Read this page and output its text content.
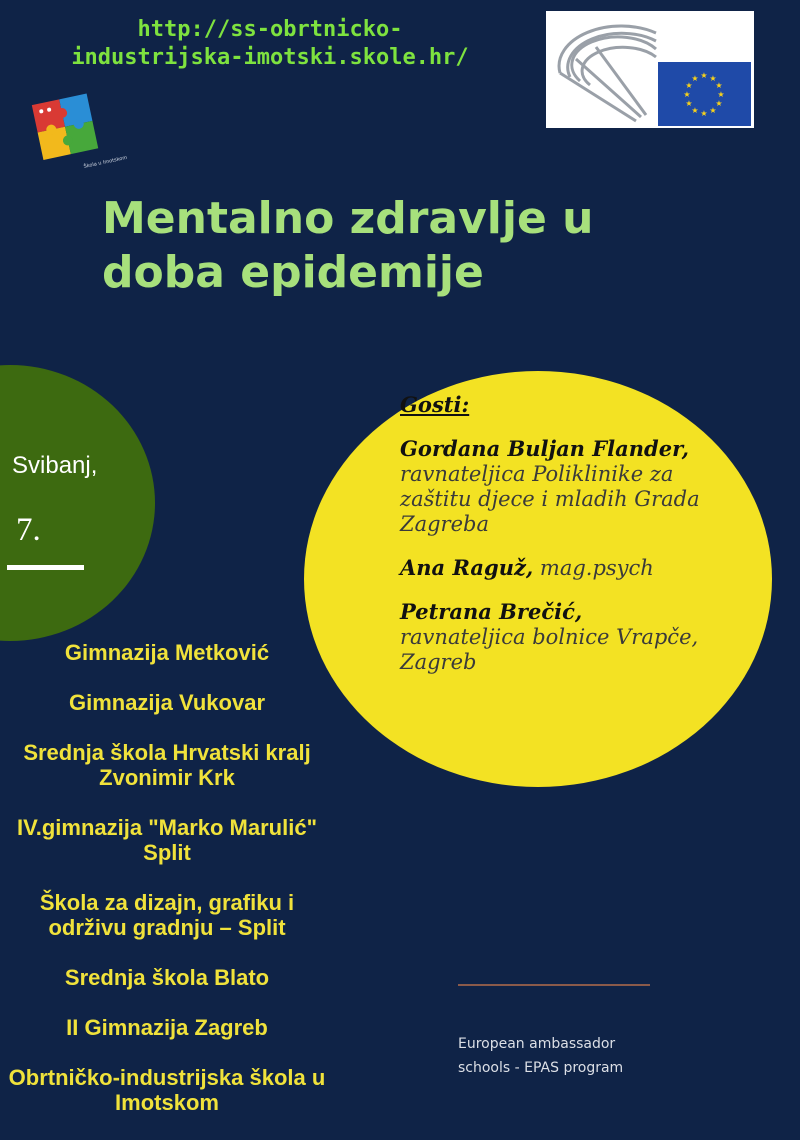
http://ss-obrtnicko-industrijska-imotski.skole.hr/
Škola u Imotskom
★ ★
★
★
★
★
★
★
★
★
★
★
Mentalno zdravlje u
doba epidemije
Svibanj,
7.

Gosti:

Gordana Buljan Flander, ravnateljica Poliklinike za zaštitu djece i mladih Grada Zagreba

Ana Raguž, mag.psych

Petrana Brečić, ravnateljica bolnice Vrapče, Zagreb

Gimnazija Metković
Gimnazija Vukovar
Srednja škola Hrvatski kralj Zvonimir Krk
IV.gimnazija "Marko Marulić" Split
Škola za dizajn, grafiku i održivu gradnju – Split
Srednja škola Blato
II Gimnazija Zagreb
Obrtničko-industrijska škola u Imotskom
European ambassador
schools - EPAS program
